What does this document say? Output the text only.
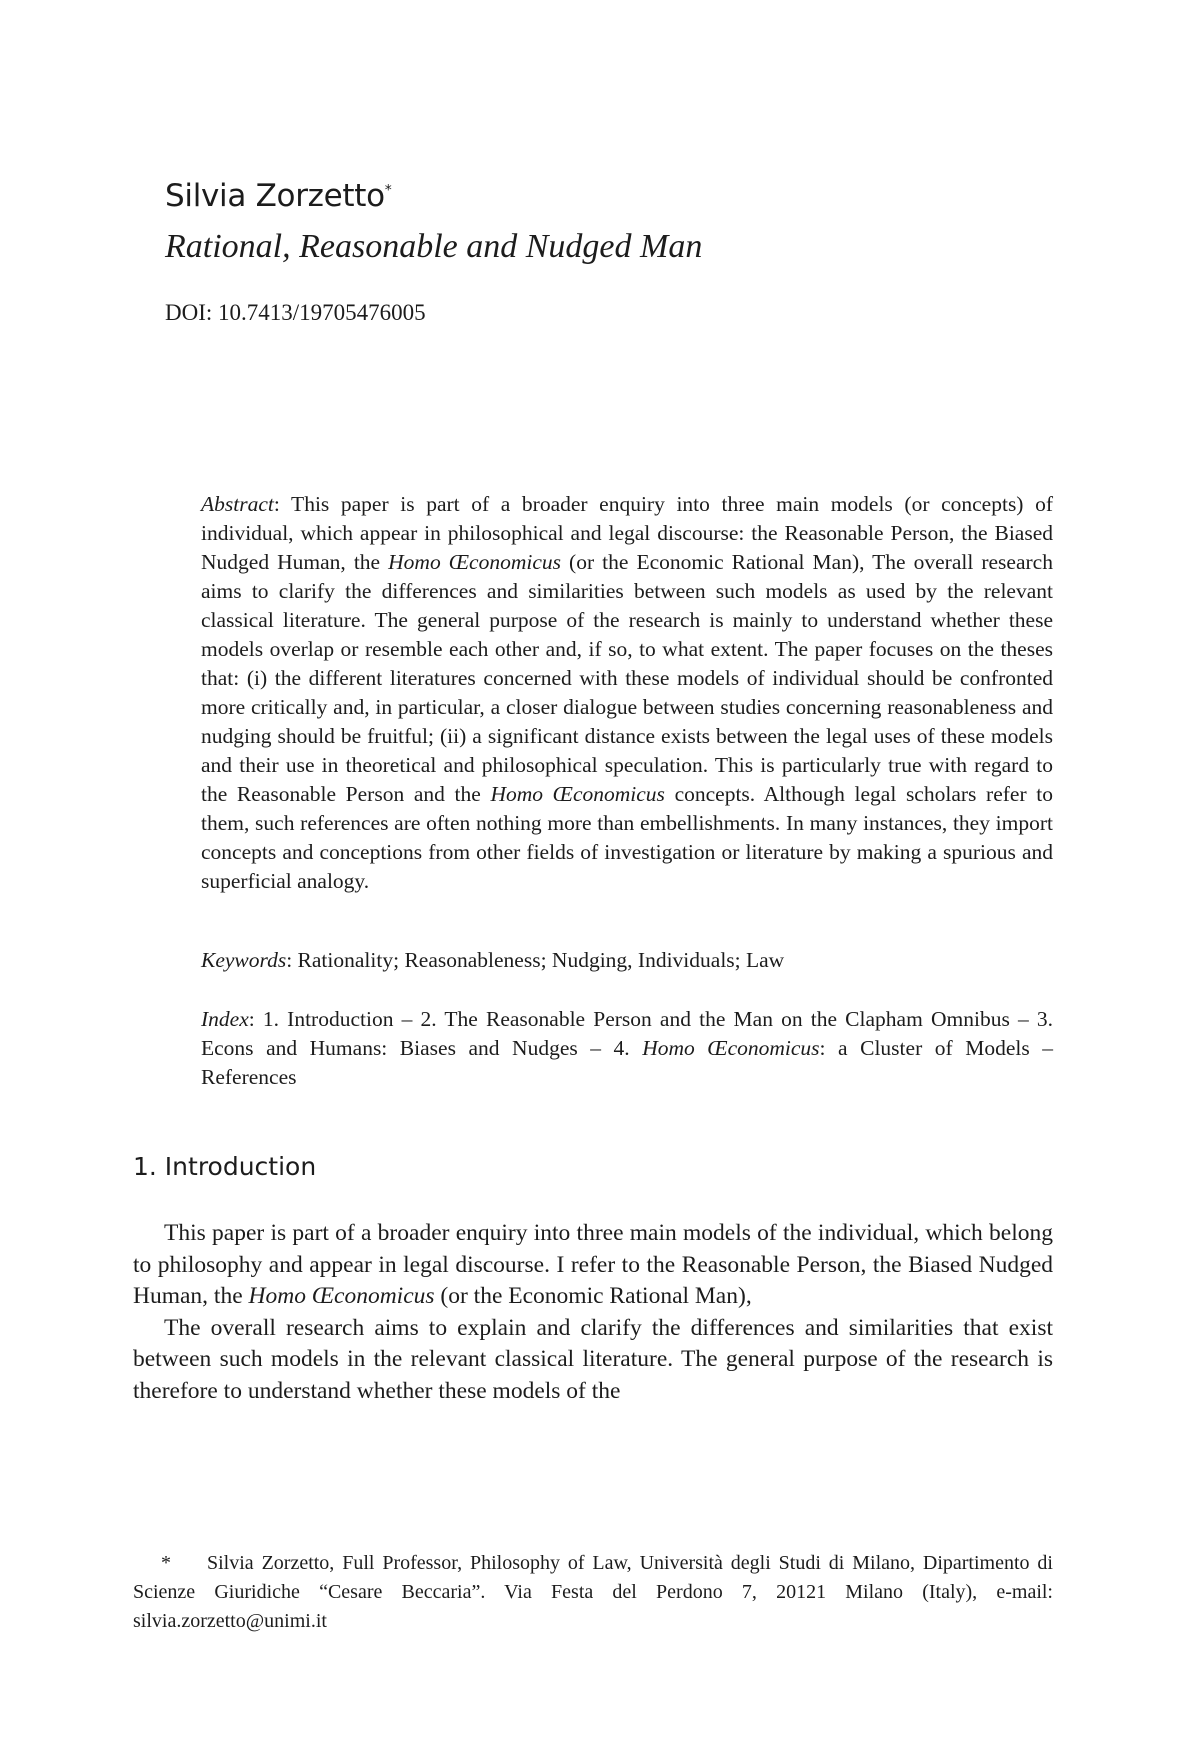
Silvia Zorzetto*
Rational, Reasonable and Nudged Man
DOI: 10.7413/19705476005
Abstract: This paper is part of a broader enquiry into three main models (or concepts) of individual, which appear in philosophical and legal discourse: the Reasonable Person, the Biased Nudged Human, the Homo Œconomicus (or the Economic Rational Man), The overall research aims to clarify the differences and similarities between such models as used by the relevant classical literature. The general purpose of the research is mainly to understand whether these models overlap or resemble each other and, if so, to what extent. The paper focuses on the theses that: (i) the different literatures concerned with these models of individual should be confronted more critically and, in particular, a closer dialogue between studies concerning reasonableness and nudging should be fruitful; (ii) a significant distance exists between the legal uses of these models and their use in theoretical and philosophical speculation. This is particularly true with regard to the Reasonable Person and the Homo Œconomicus concepts. Although legal scholars refer to them, such references are often nothing more than embellishments. In many instances, they import concepts and conceptions from other fields of investigation or literature by making a spurious and superficial analogy.
Keywords: Rationality; Reasonableness; Nudging, Individuals; Law
Index: 1. Introduction – 2. The Reasonable Person and the Man on the Clapham Omnibus – 3. Econs and Humans: Biases and Nudges – 4. Homo Œconomicus: a Cluster of Models – References
1. Introduction

This paper is part of a broader enquiry into three main models of the individual, which belong to philosophy and appear in legal discourse. I refer to the Reasonable Person, the Biased Nudged Human, the Homo Œconomicus (or the Economic Rational Man),

The overall research aims to explain and clarify the differences and similarities that exist between such models in the relevant classical literature. The general purpose of the research is therefore to understand whether these models of the

* Silvia Zorzetto, Full Professor, Philosophy of Law, Università degli Studi di Milano, Dipartimento di Scienze Giuridiche “Cesare Beccaria”. Via Festa del Perdono 7, 20121 Milano (Italy), e-mail: silvia.zorzetto@unimi.it
